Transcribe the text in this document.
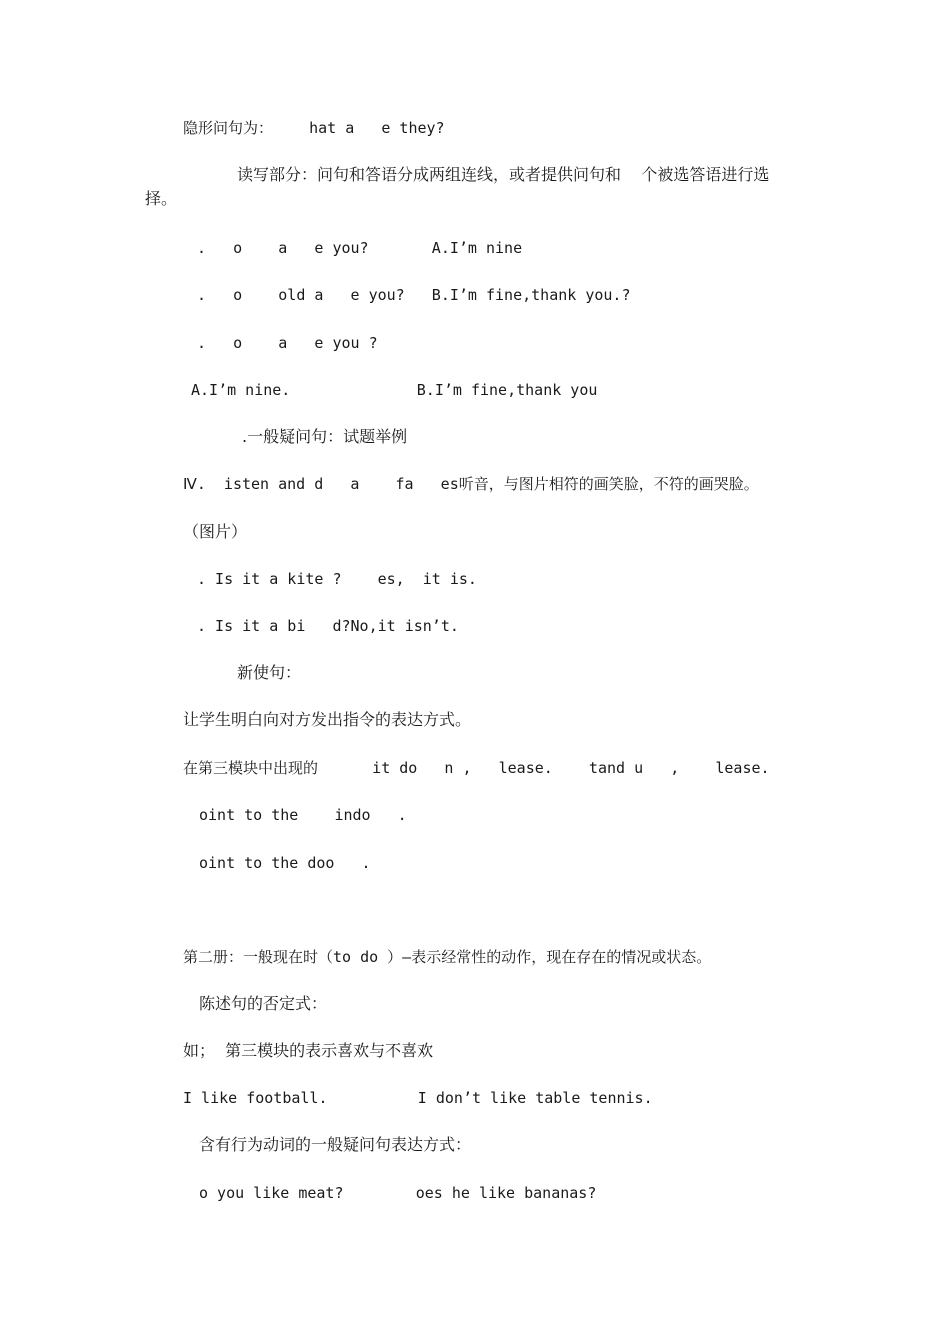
隐形问句为：    hat a   e they?
读写部分：问句和答语分成两组连线，或者提供问句和    个被选答语进行选
择。
.   o    a   e you?       A.I’m nine
.   o    old a   e you?   B.I’m fine,thank you.?
.   o    a   e you ?
A.I’m nine.              B.I’m fine,thank you
.一般疑问句：试题举例
Ⅳ.  isten and d   a    fa   es听音，与图片相符的画笑脸，不符的画哭脸。
（图片）
. Is it a kite ?    es,  it is.
. Is it a bi   d?No,it isn’t.
新使句：
让学生明白向对方发出指令的表达方式。
在第三模块中出现的      it do   n ,   lease.    tand u   ,    lease.
oint to the    indo   .
oint to the doo   .
第二册：一般现在时（to do ）—表示经常性的动作，现在存在的情况或状态。
陈述句的否定式：
如；  第三模块的表示喜欢与不喜欢
I like football.          I don’t like table tennis.
含有行为动词的一般疑问句表达方式：
o you like meat?        oes he like bananas?
